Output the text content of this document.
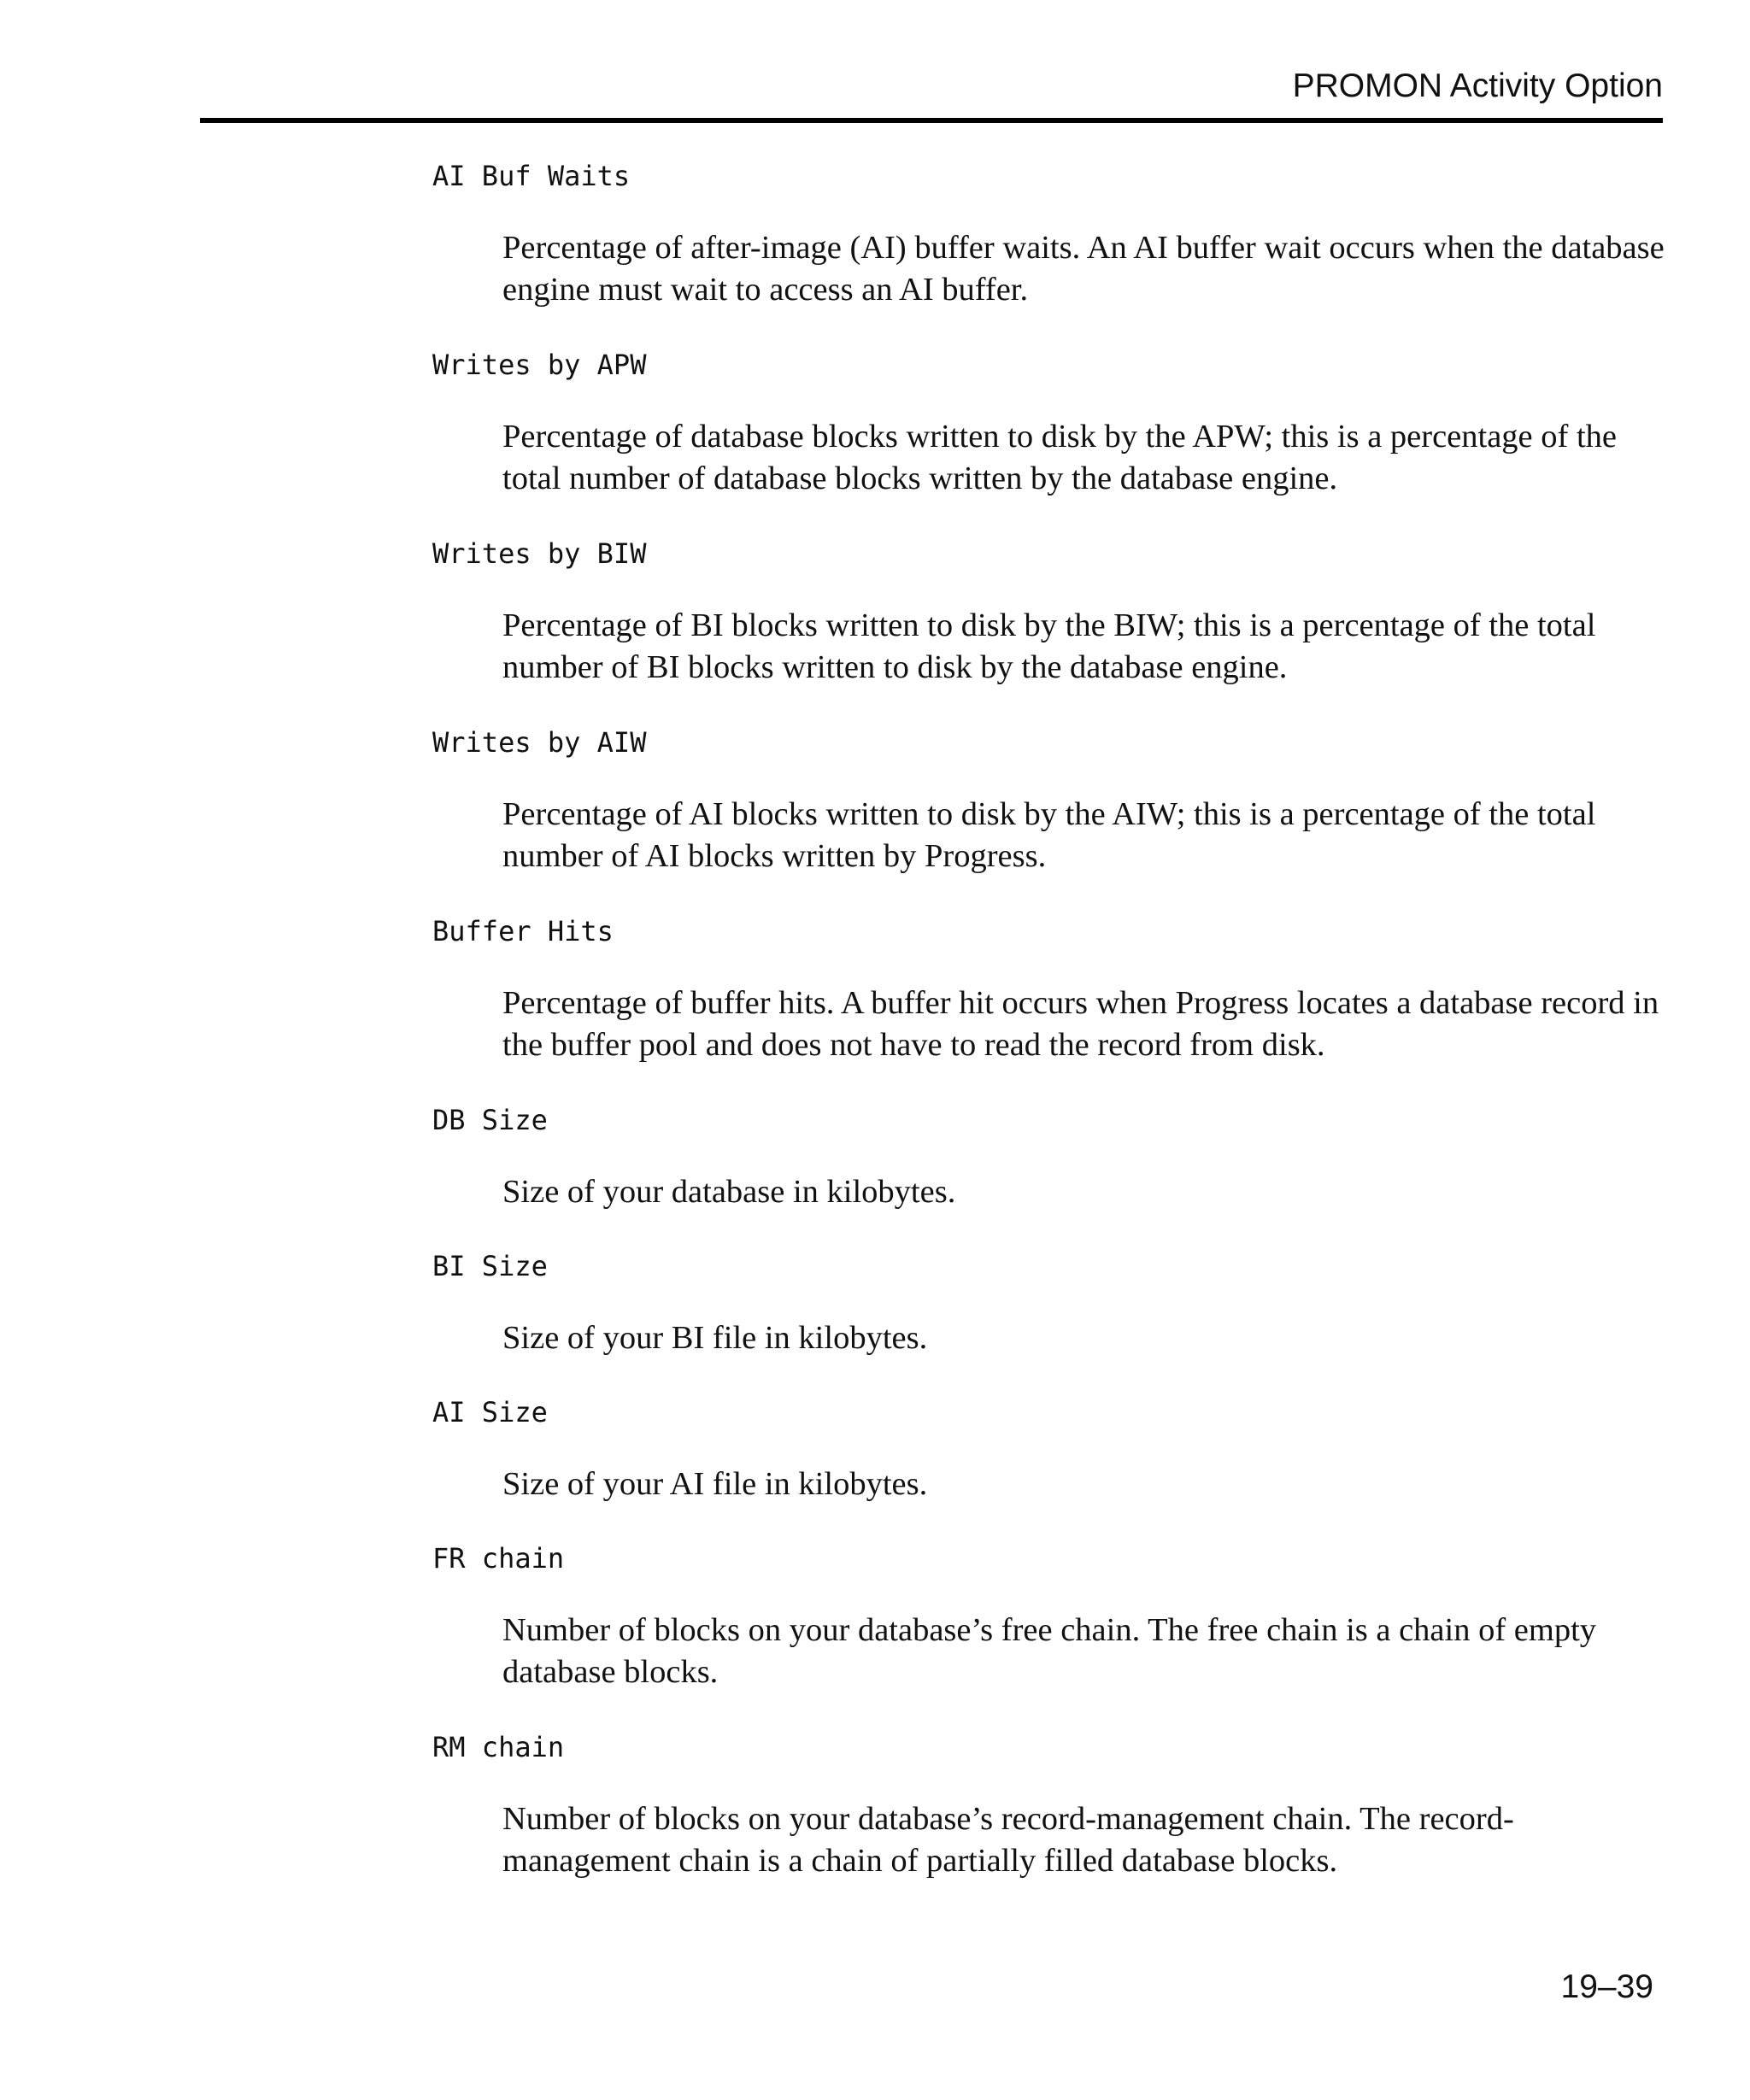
PROMON Activity Option
AI Buf Waits
Percentage of after-image (AI) buffer waits. An AI buffer wait occurs when the database engine must wait to access an AI buffer.
Writes by APW
Percentage of database blocks written to disk by the APW; this is a percentage of the total number of database blocks written by the database engine.
Writes by BIW
Percentage of BI blocks written to disk by the BIW; this is a percentage of the total number of BI blocks written to disk by the database engine.
Writes by AIW
Percentage of AI blocks written to disk by the AIW; this is a percentage of the total number of AI blocks written by Progress.
Buffer Hits
Percentage of buffer hits. A buffer hit occurs when Progress locates a database record in the buffer pool and does not have to read the record from disk.
DB Size
Size of your database in kilobytes.
BI Size
Size of your BI file in kilobytes.
AI Size
Size of your AI file in kilobytes.
FR chain
Number of blocks on your database’s free chain. The free chain is a chain of empty database blocks.
RM chain
Number of blocks on your database’s record-management chain. The record-management chain is a chain of partially filled database blocks.
19–39
